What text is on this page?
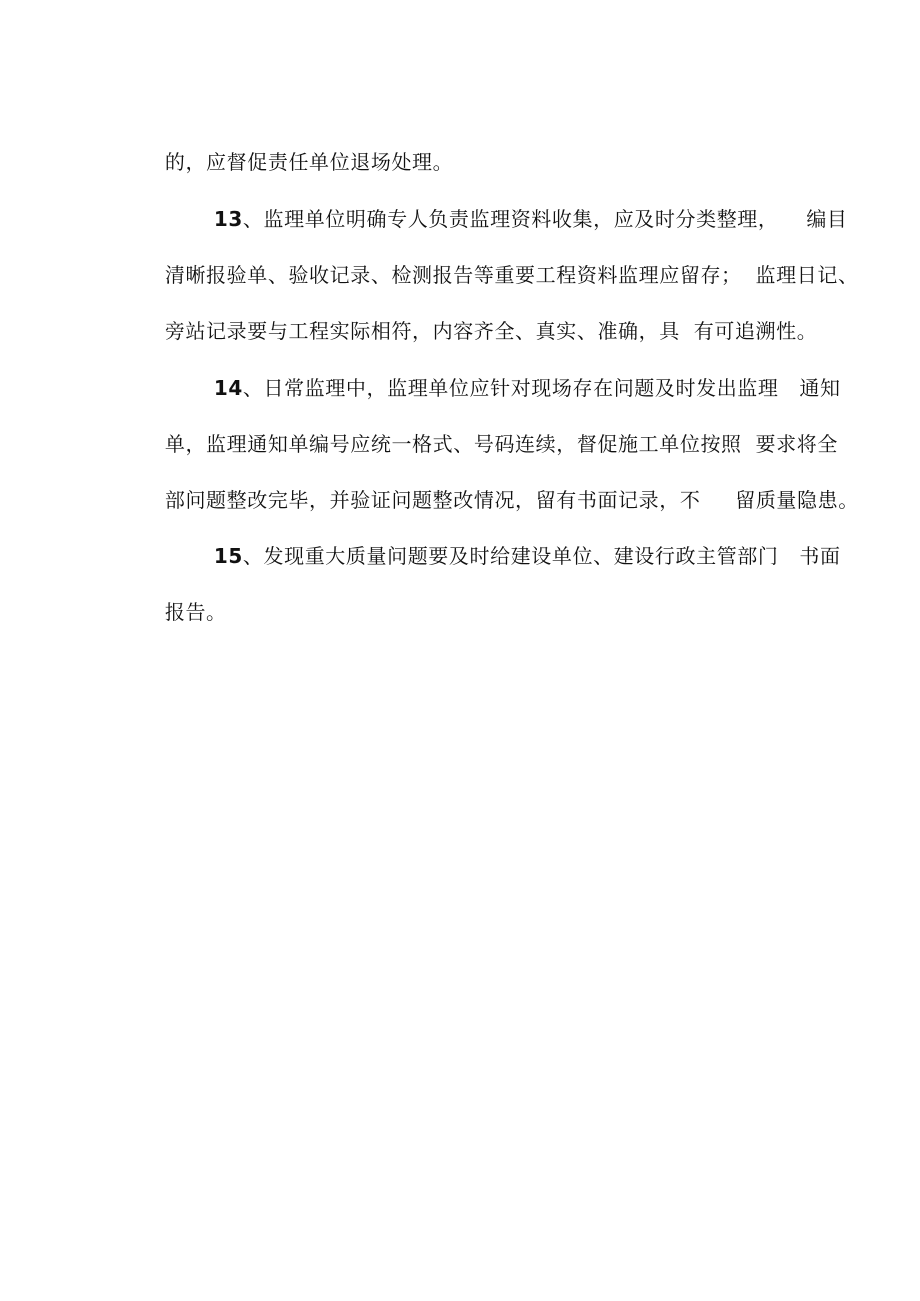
的，应督促责任单位退场处理。

13、监理单位明确专人负责监理资料收集，应及时分类整理，    编目

清晰报验单、验收记录、检测报告等重要工程资料监理应留存；  监理日记、

旁站记录要与工程实际相符，内容齐全、真实、准确，具  有可追溯性。

14、日常监理中，监理单位应针对现场存在问题及时发出监理   通知

单，监理通知单编号应统一格式、号码连续，督促施工单位按照  要求将全

部问题整改完毕，并验证问题整改情况，留有书面记录，不     留质量隐患。

15、发现重大质量问题要及时给建设单位、建设行政主管部门   书面

报告。
